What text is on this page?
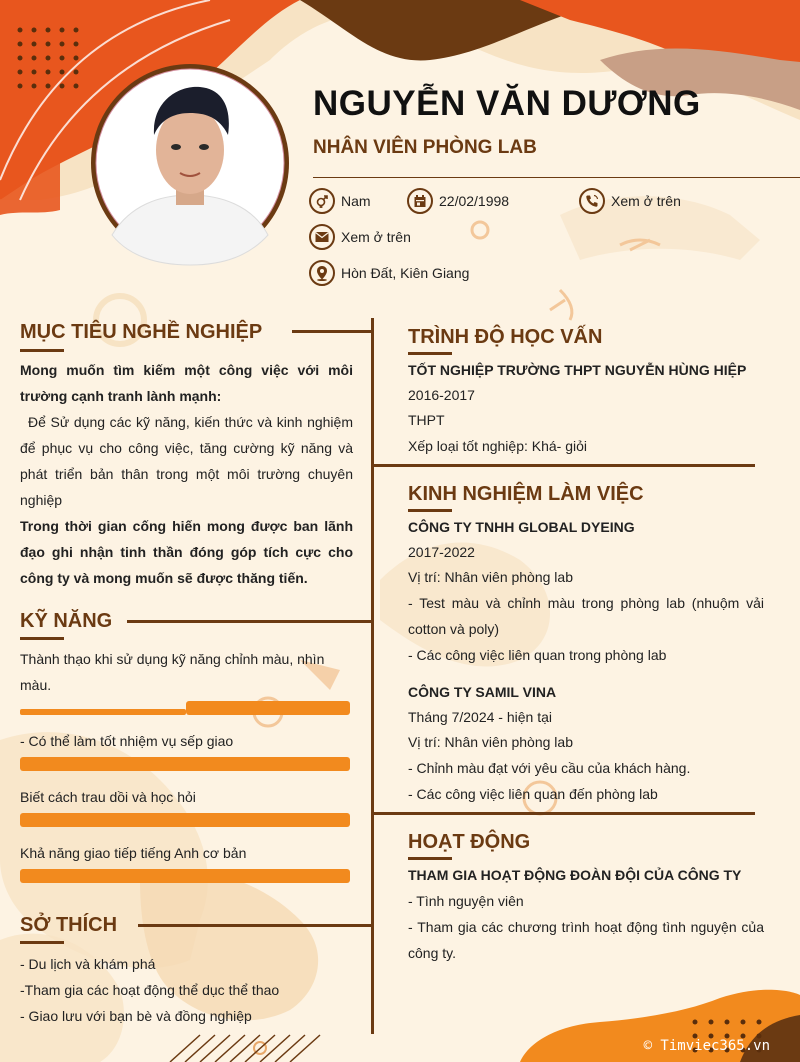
NGUYỄN VĂN DƯƠNG
NHÂN VIÊN PHÒNG LAB
Nam	22/02/1998	Xem ở trên
Xem ở trên
Hòn Đất, Kiên Giang
MỤC TIÊU NGHỀ NGHIỆP
Mong muốn tìm kiếm một công việc với môi trường cạnh tranh lành mạnh:
Để Sử dụng các kỹ năng, kiến thức và kinh nghiệm để phục vụ cho công việc, tăng cường kỹ năng và phát triển bản thân trong một môi trường chuyên nghiệp
Trong thời gian cống hiến mong được ban lãnh đạo ghi nhận tinh thần đóng góp tích cực cho công ty và mong muốn sẽ được thăng tiến.
KỸ NĂNG
Thành thạo khi sử dụng kỹ năng chỉnh màu, nhìn màu.
- Có thể làm tốt nhiệm vụ sếp giao
Biết cách trau dồi và học hỏi
Khả năng giao tiếp tiếng Anh cơ bản
SỞ THÍCH
- Du lịch và khám phá
-Tham gia các hoạt động thể dục thể thao
- Giao lưu với bạn bè và đồng nghiệp
TRÌNH ĐỘ HỌC VẤN
TỐT NGHIỆP TRƯỜNG THPT NGUYỄN HÙNG HIỆP
2016-2017
THPT
Xếp loại tốt nghiệp: Khá- giỏi
KINH NGHIỆM LÀM VIỆC
CÔNG TY TNHH GLOBAL DYEING
2017-2022
Vị trí: Nhân viên phòng lab
- Test màu và chỉnh màu trong phòng lab (nhuộm vải cotton và poly)
- Các công việc liên quan trong phòng lab
CÔNG TY SAMIL VINA
Tháng 7/2024 - hiện tại
Vị trí: Nhân viên phòng lab
- Chỉnh màu đạt với yêu cầu của khách hàng.
- Các công việc liên quan đến phòng lab
HOẠT ĐỘNG
THAM GIA HOẠT ĐỘNG ĐOÀN ĐỘI CỦA CÔNG TY
- Tình nguyện viên
- Tham gia các chương trình hoạt động tình nguyện của công ty.
© Timviec365.vn
